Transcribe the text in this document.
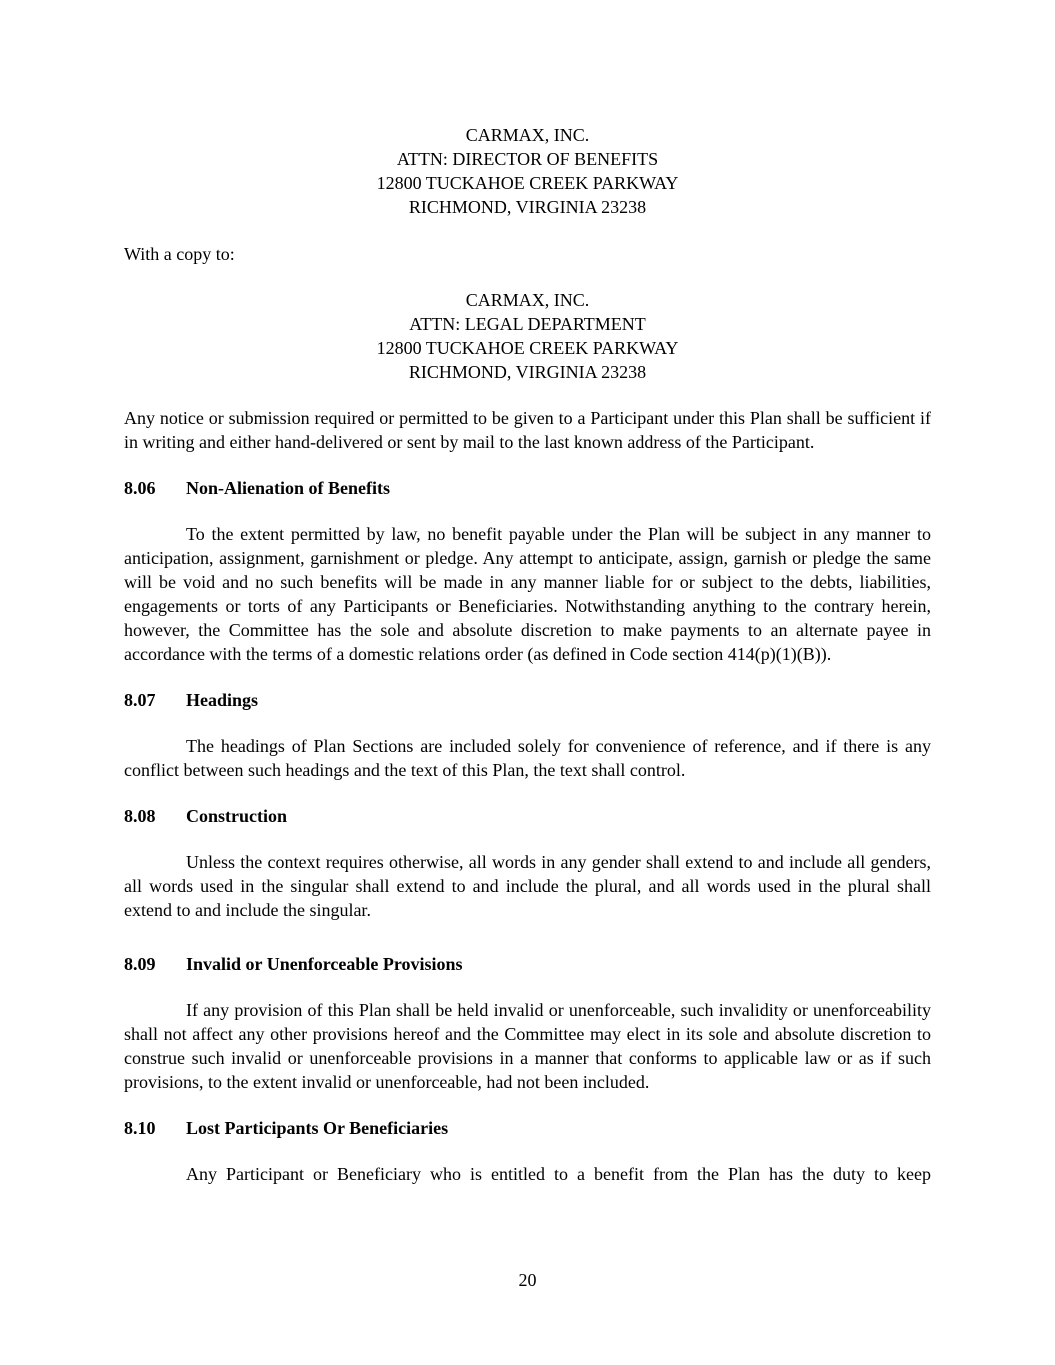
CARMAX, INC.

ATTN: DIRECTOR OF BENEFITS

12800 TUCKAHOE CREEK PARKWAY

RICHMOND, VIRGINIA 23238

With a copy to:

CARMAX, INC.

ATTN: LEGAL DEPARTMENT

12800 TUCKAHOE CREEK PARKWAY

RICHMOND, VIRGINIA 23238

Any notice or submission required or permitted to be given to a Participant under this Plan shall be sufficient if in writing and either hand-delivered or sent by mail to the last known address of the Participant.

8.06 Non-Alienation of Benefits

To the extent permitted by law, no benefit payable under the Plan will be subject in any manner to anticipation, assignment, garnishment or pledge. Any attempt to anticipate, assign, garnish or pledge the same will be void and no such benefits will be made in any manner liable for or subject to the debts, liabilities, engagements or torts of any Participants or Beneficiaries. Notwithstanding anything to the contrary herein, however, the Committee has the sole and absolute discretion to make payments to an alternate payee in accordance with the terms of a domestic relations order (as defined in Code section 414(p)(1)(B)).

8.07 Headings

The headings of Plan Sections are included solely for convenience of reference, and if there is any conflict between such headings and the text of this Plan, the text shall control.

8.08 Construction

Unless the context requires otherwise, all words in any gender shall extend to and include all genders, all words used in the singular shall extend to and include the plural, and all words used in the plural shall extend to and include the singular.

8.09 Invalid or Unenforceable Provisions

If any provision of this Plan shall be held invalid or unenforceable, such invalidity or unenforceability shall not affect any other provisions hereof and the Committee may elect in its sole and absolute discretion to construe such invalid or unenforceable provisions in a manner that conforms to applicable law or as if such provisions, to the extent invalid or unenforceable, had not been included.

8.10 Lost Participants Or Beneficiaries

Any Participant or Beneficiary who is entitled to a benefit from the Plan has the duty to keep

20
